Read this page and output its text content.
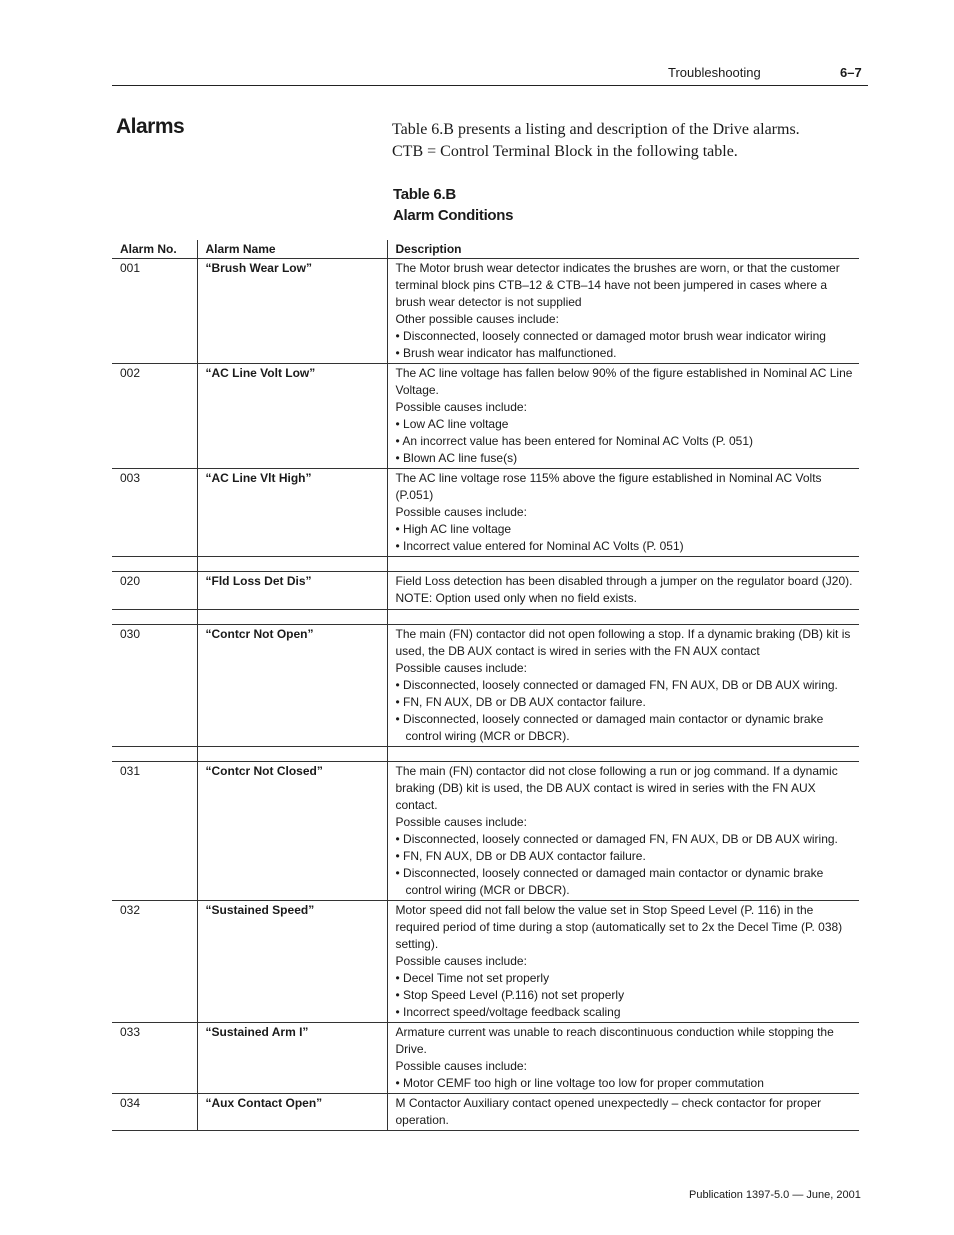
Troubleshooting	6–7
Alarms	Table 6.B presents a listing and description of the Drive alarms.
CTB = Control Terminal Block in the following table.
Table 6.B
Alarm Conditions
Alarm No.	Alarm Name	Description
001	“Brush Wear Low”	The Motor brush wear detector indicates the brushes are worn, or that the customer terminal block pins CTB–12 & CTB–14 have not been jumpered in cases where a brush wear detector is not supplied
Other possible causes include:
• Disconnected, loosely connected or damaged motor brush wear indicator wiring
• Brush wear indicator has malfunctioned.

002	“AC Line Volt Low”	The AC line voltage has fallen below 90% of the figure established in Nominal AC Line Voltage.
Possible causes include:
• Low AC line voltage
• An incorrect value has been entered for Nominal AC Volts (P. 051)
• Blown AC line fuse(s)

003	“AC Line Vlt High”	The AC line voltage rose 115% above the figure established in Nominal AC Volts (P.051)
Possible causes include:
• High AC line voltage
• Incorrect value entered for Nominal AC Volts (P. 051)

020	“Fld Loss Det Dis”	Field Loss detection has been disabled through a jumper on the regulator board (J20).
NOTE: Option used only when no field exists.

030	“Contcr Not Open”	The main (FN) contactor did not open following a stop. If a dynamic braking (DB) kit is used, the DB AUX contact is wired in series with the FN AUX contact
Possible causes include:
• Disconnected, loosely connected or damaged FN, FN AUX, DB or DB AUX wiring.
• FN, FN AUX, DB or DB AUX contactor failure.
• Disconnected, loosely connected or damaged main contactor or dynamic brake control wiring (MCR or DBCR).

031	“Contcr Not Closed”	The main (FN) contactor did not close following a run or jog command. If a dynamic braking (DB) kit is used, the DB AUX contact is wired in series with the FN AUX contact.
Possible causes include:
• Disconnected, loosely connected or damaged FN, FN AUX, DB or DB AUX wiring.
• FN, FN AUX, DB or DB AUX contactor failure.
• Disconnected, loosely connected or damaged main contactor or dynamic brake control wiring (MCR or DBCR).

032	“Sustained Speed”	Motor speed did not fall below the value set in Stop Speed Level (P. 116) in the required period of time during a stop (automatically set to 2x the Decel Time (P. 038) setting).
Possible causes include:
• Decel Time not set properly
• Stop Speed Level (P.116) not set properly
• Incorrect speed/voltage feedback scaling

033	“Sustained Arm I”	Armature current was unable to reach discontinuous conduction while stopping the Drive.
Possible causes include:
• Motor CEMF too high or line voltage too low for proper commutation

034	“Aux Contact Open”	M Contactor Auxiliary contact opened unexpectedly – check contactor for proper operation.
Publication 1397-5.0 — June, 2001
